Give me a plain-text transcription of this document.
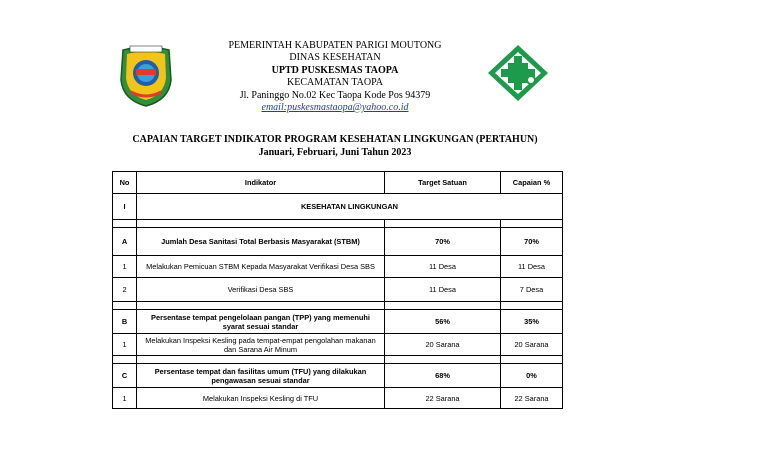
PEMERINTAH KABUPATEN PARIGI MOUTONG
DINAS KESEHATAN
UPTD PUSKESMAS TAOPA
KECAMATAN TAOPA
Jl. Paninggo No.02 Kec Taopa Kode Pos 94379
email:puskesmastaopa@yahoo.co.id
CAPAIAN TARGET INDIKATOR PROGRAM KESEHATAN LINGKUNGAN (PERTAHUN)
Januari, Februari, Juni Tahun 2023
No	Indikator	Target Satuan	Capaian %
I	KESEHATAN LINGKUNGAN		

A	Jumlah Desa Sanitasi Total Berbasis Masyarakat (STBM)	70%	70%
1	Melakukan Pemicuan STBM Kepada Masyarakat Verifikasi Desa SBS	11 Desa	11 Desa
2	Verifikasi Desa SBS	11 Desa	7 Desa

B	Persentase tempat pengelolaan pangan (TPP) yang memenuhi syarat sesuai standar	56%	35%
1	Melakukan Inspeksi Kesling pada tempat-empat pengolahan makanan dan Sarana Air Minum	20 Sarana	20 Sarana

C	Persentase tempat dan fasilitas umum (TFU) yang dilakukan pengawasan sesuai standar	68%	0%
1	Melakukan Inspeksi Kesling di TFU	22 Sarana	22 Sarana
